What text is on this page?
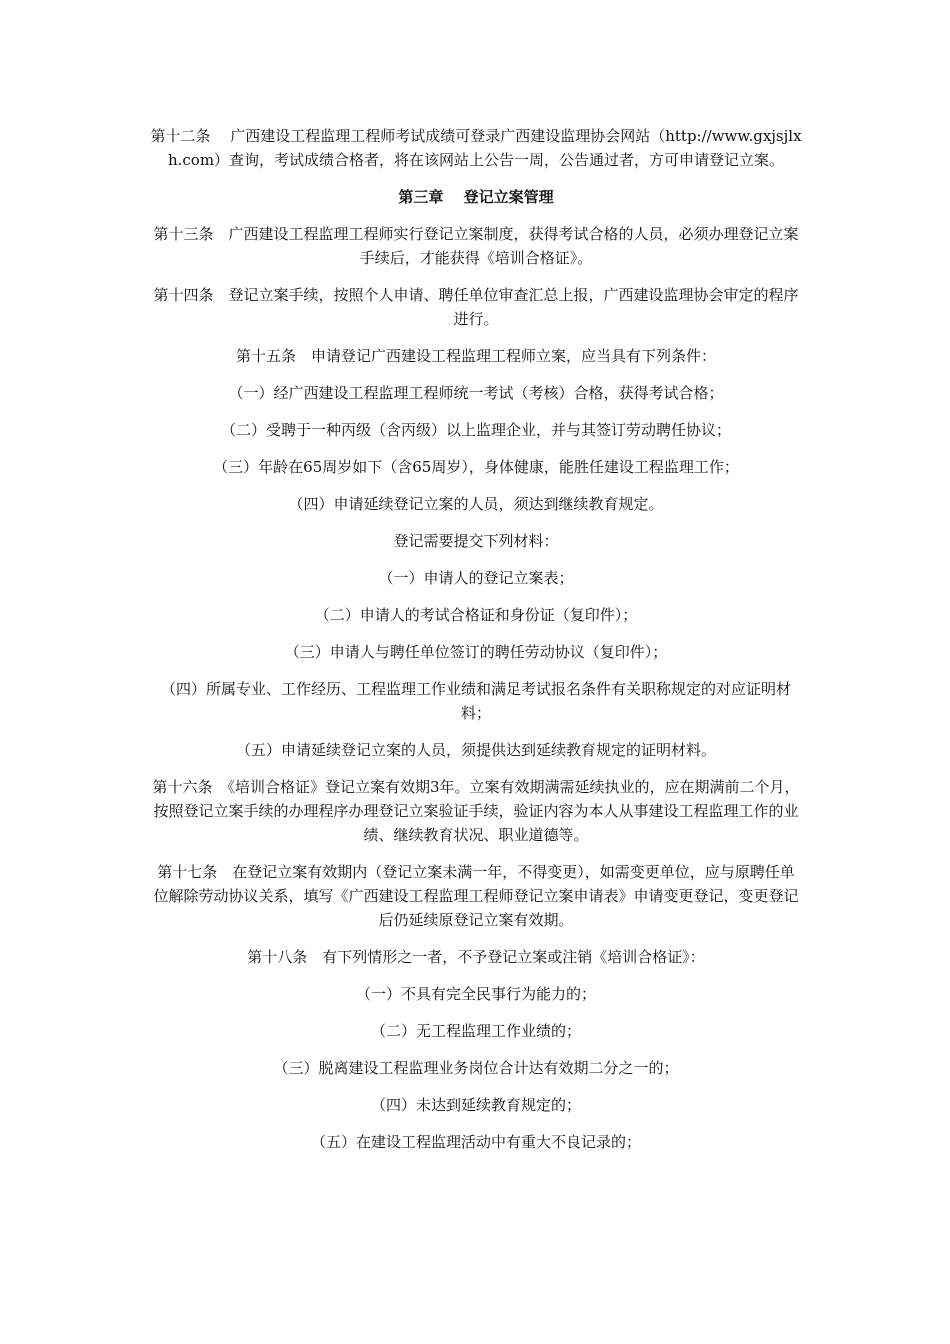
第十二条　 广西建设工程监理工程师考试成绩可登录广西建设监理协会网站（http://www.gxjsjlxh.com）查询，考试成绩合格者，将在该网站上公告一周，公告通过者，方可申请登记立案。

第三章　 登记立案管理

第十三条　广西建设工程监理工程师实行登记立案制度，获得考试合格的人员，必须办理登记立案手续后，才能获得《培训合格证》。

第十四条　登记立案手续，按照个人申请、聘任单位审查汇总上报，广西建设监理协会审定的程序进行。

第十五条　申请登记广西建设工程监理工程师立案，应当具有下列条件：

（一）经广西建设工程监理工程师统一考试（考核）合格，获得考试合格；

（二）受聘于一种丙级（含丙级）以上监理企业，并与其签订劳动聘任协议；

（三）年龄在65周岁如下（含65周岁），身体健康，能胜任建设工程监理工作；

（四）申请延续登记立案的人员，须达到继续教育规定。

登记需要提交下列材料：

（一）申请人的登记立案表；

（二）申请人的考试合格证和身份证（复印件）；

（三）申请人与聘任单位签订的聘任劳动协议（复印件）；

（四）所属专业、工作经历、工程监理工作业绩和满足考试报名条件有关职称规定的对应证明材料；

（五）申请延续登记立案的人员，须提供达到延续教育规定的证明材料。

第十六条　《培训合格证》登记立案有效期3年。立案有效期满需延续执业的，应在期满前二个月，按照登记立案手续的办理程序办理登记立案验证手续，验证内容为本人从事建设工程监理工作的业绩、继续教育状况、职业道德等。

第十七条　在登记立案有效期内（登记立案未满一年，不得变更），如需变更单位，应与原聘任单位解除劳动协议关系，填写《广西建设工程监理工程师登记立案申请表》申请变更登记，变更登记后仍延续原登记立案有效期。

第十八条　有下列情形之一者，不予登记立案或注销《培训合格证》：

（一）不具有完全民事行为能力的；

（二）无工程监理工作业绩的；

（三）脱离建设工程监理业务岗位合计达有效期二分之一的；

（四）未达到延续教育规定的；

（五）在建设工程监理活动中有重大不良记录的；
